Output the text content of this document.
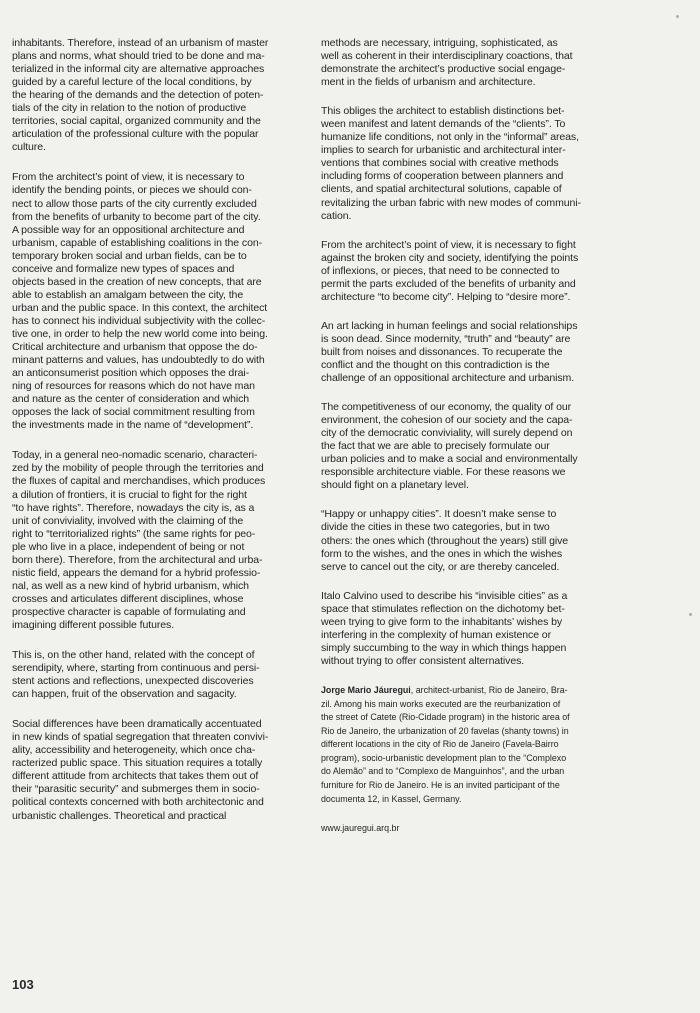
inhabitants. Therefore, instead of an urbanism of master
plans and norms, what should tried to be done and ma-
terialized in the informal city are alternative approaches
guided by a careful lecture of the local conditions, by
the hearing of the demands and the detection of poten-
tials of the city in relation to the notion of productive
territories, social capital, organized community and the
articulation of the professional culture with the popular
culture.

From the architect’s point of view, it is necessary to
identify the bending points, or pieces we should con-
nect to allow those parts of the city currently excluded
from the benefits of urbanity to become part of the city.
A possible way for an oppositional architecture and
urbanism, capable of establishing coalitions in the con-
temporary broken social and urban fields, can be to
conceive and formalize new types of spaces and
objects based in the creation of new concepts, that are
able to establish an amalgam between the city, the
urban and the public space. In this context, the architect
has to connect his individual subjectivity with the collec-
tive one, in order to help the new world come into being.
Critical architecture and urbanism that oppose the do-
minant patterns and values, has undoubtedly to do with
an anticonsumerist position which opposes the drai-
ning of resources for reasons which do not have man
and nature as the center of consideration and which
opposes the lack of social commitment resulting from
the investments made in the name of “development”.

Today, in a general neo-nomadic scenario, characteri-
zed by the mobility of people through the territories and
the fluxes of capital and merchandises, which produces
a dilution of frontiers, it is crucial to fight for the right
“to have rights”. Therefore, nowadays the city is, as a
unit of conviviality, involved with the claiming of the
right to “territorialized rights” (the same rights for peo-
ple who live in a place, independent of being or not
born there). Therefore, from the architectural and urba-
nistic field, appears the demand for a hybrid professio-
nal, as well as a new kind of hybrid urbanism, which
crosses and articulates different disciplines, whose
prospective character is capable of formulating and
imagining different possible futures.

This is, on the other hand, related with the concept of
serendipity, where, starting from continuous and persi-
stent actions and reflections, unexpected discoveries
can happen, fruit of the observation and sagacity.

Social differences have been dramatically accentuated
in new kinds of spatial segregation that threaten convivi-
ality, accessibility and heterogeneity, which once cha-
racterized public space. This situation requires a totally
different attitude from architects that takes them out of
their “parasitic security” and submerges them in socio-
political contexts concerned with both architectonic and
urbanistic challenges. Theoretical and practical

methods are necessary, intriguing, sophisticated, as
well as coherent in their interdisciplinary coactions, that
demonstrate the architect’s productive social engage-
ment in the fields of urbanism and architecture.

This obliges the architect to establish distinctions bet-
ween manifest and latent demands of the “clients”. To
humanize life conditions, not only in the “informal” areas,
implies to search for urbanistic and architectural inter-
ventions that combines social with creative methods
including forms of cooperation between planners and
clients, and spatial architectural solutions, capable of
revitalizing the urban fabric with new modes of communi-
cation.

From the architect’s point of view, it is necessary to fight
against the broken city and society, identifying the points
of inflexions, or pieces, that need to be connected to
permit the parts excluded of the benefits of urbanity and
architecture “to become city”. Helping to “desire more”.

An art lacking in human feelings and social relationships
is soon dead. Since modernity, “truth” and “beauty” are
built from noises and dissonances. To recuperate the
conflict and the thought on this contradiction is the
challenge of an oppositional architecture and urbanism.

The competitiveness of our economy, the quality of our
environment, the cohesion of our society and the capa-
city of the democratic conviviality, will surely depend on
the fact that we are able to precisely formulate our
urban policies and to make a social and environmentally
responsible architecture viable. For these reasons we
should fight on a planetary level.

“Happy or unhappy cities”. It doesn’t make sense to
divide the cities in these two categories, but in two
others: the ones which (throughout the years) still give
form to the wishes, and the ones in which the wishes
serve to cancel out the city, or are thereby canceled.

Italo Calvino used to describe his “invisible cities” as a
space that stimulates reflection on the dichotomy bet-
ween trying to give form to the inhabitants’ wishes by
interfering in the complexity of human existence or
simply succumbing to the way in which things happen
without trying to offer consistent alternatives.

Jorge Mario Jáuregui, architect-urbanist, Rio de Janeiro, Bra-
zil. Among his main works executed are the reurbanization of
the street of Catete (Rio-Cidade program) in the historic area of
Rio de Janeiro, the urbanization of 20 favelas (shanty towns) in
different locations in the city of Rio de Janeiro (Favela-Bairro
program), socio-urbanistic development plan to the “Complexo
do Alemão” and to “Complexo de Manguinhos”, and the urban
furniture for Rio de Janeiro. He is an invited participant of the
documenta 12, in Kassel, Germany.

www.jauregui.arq.br
103
